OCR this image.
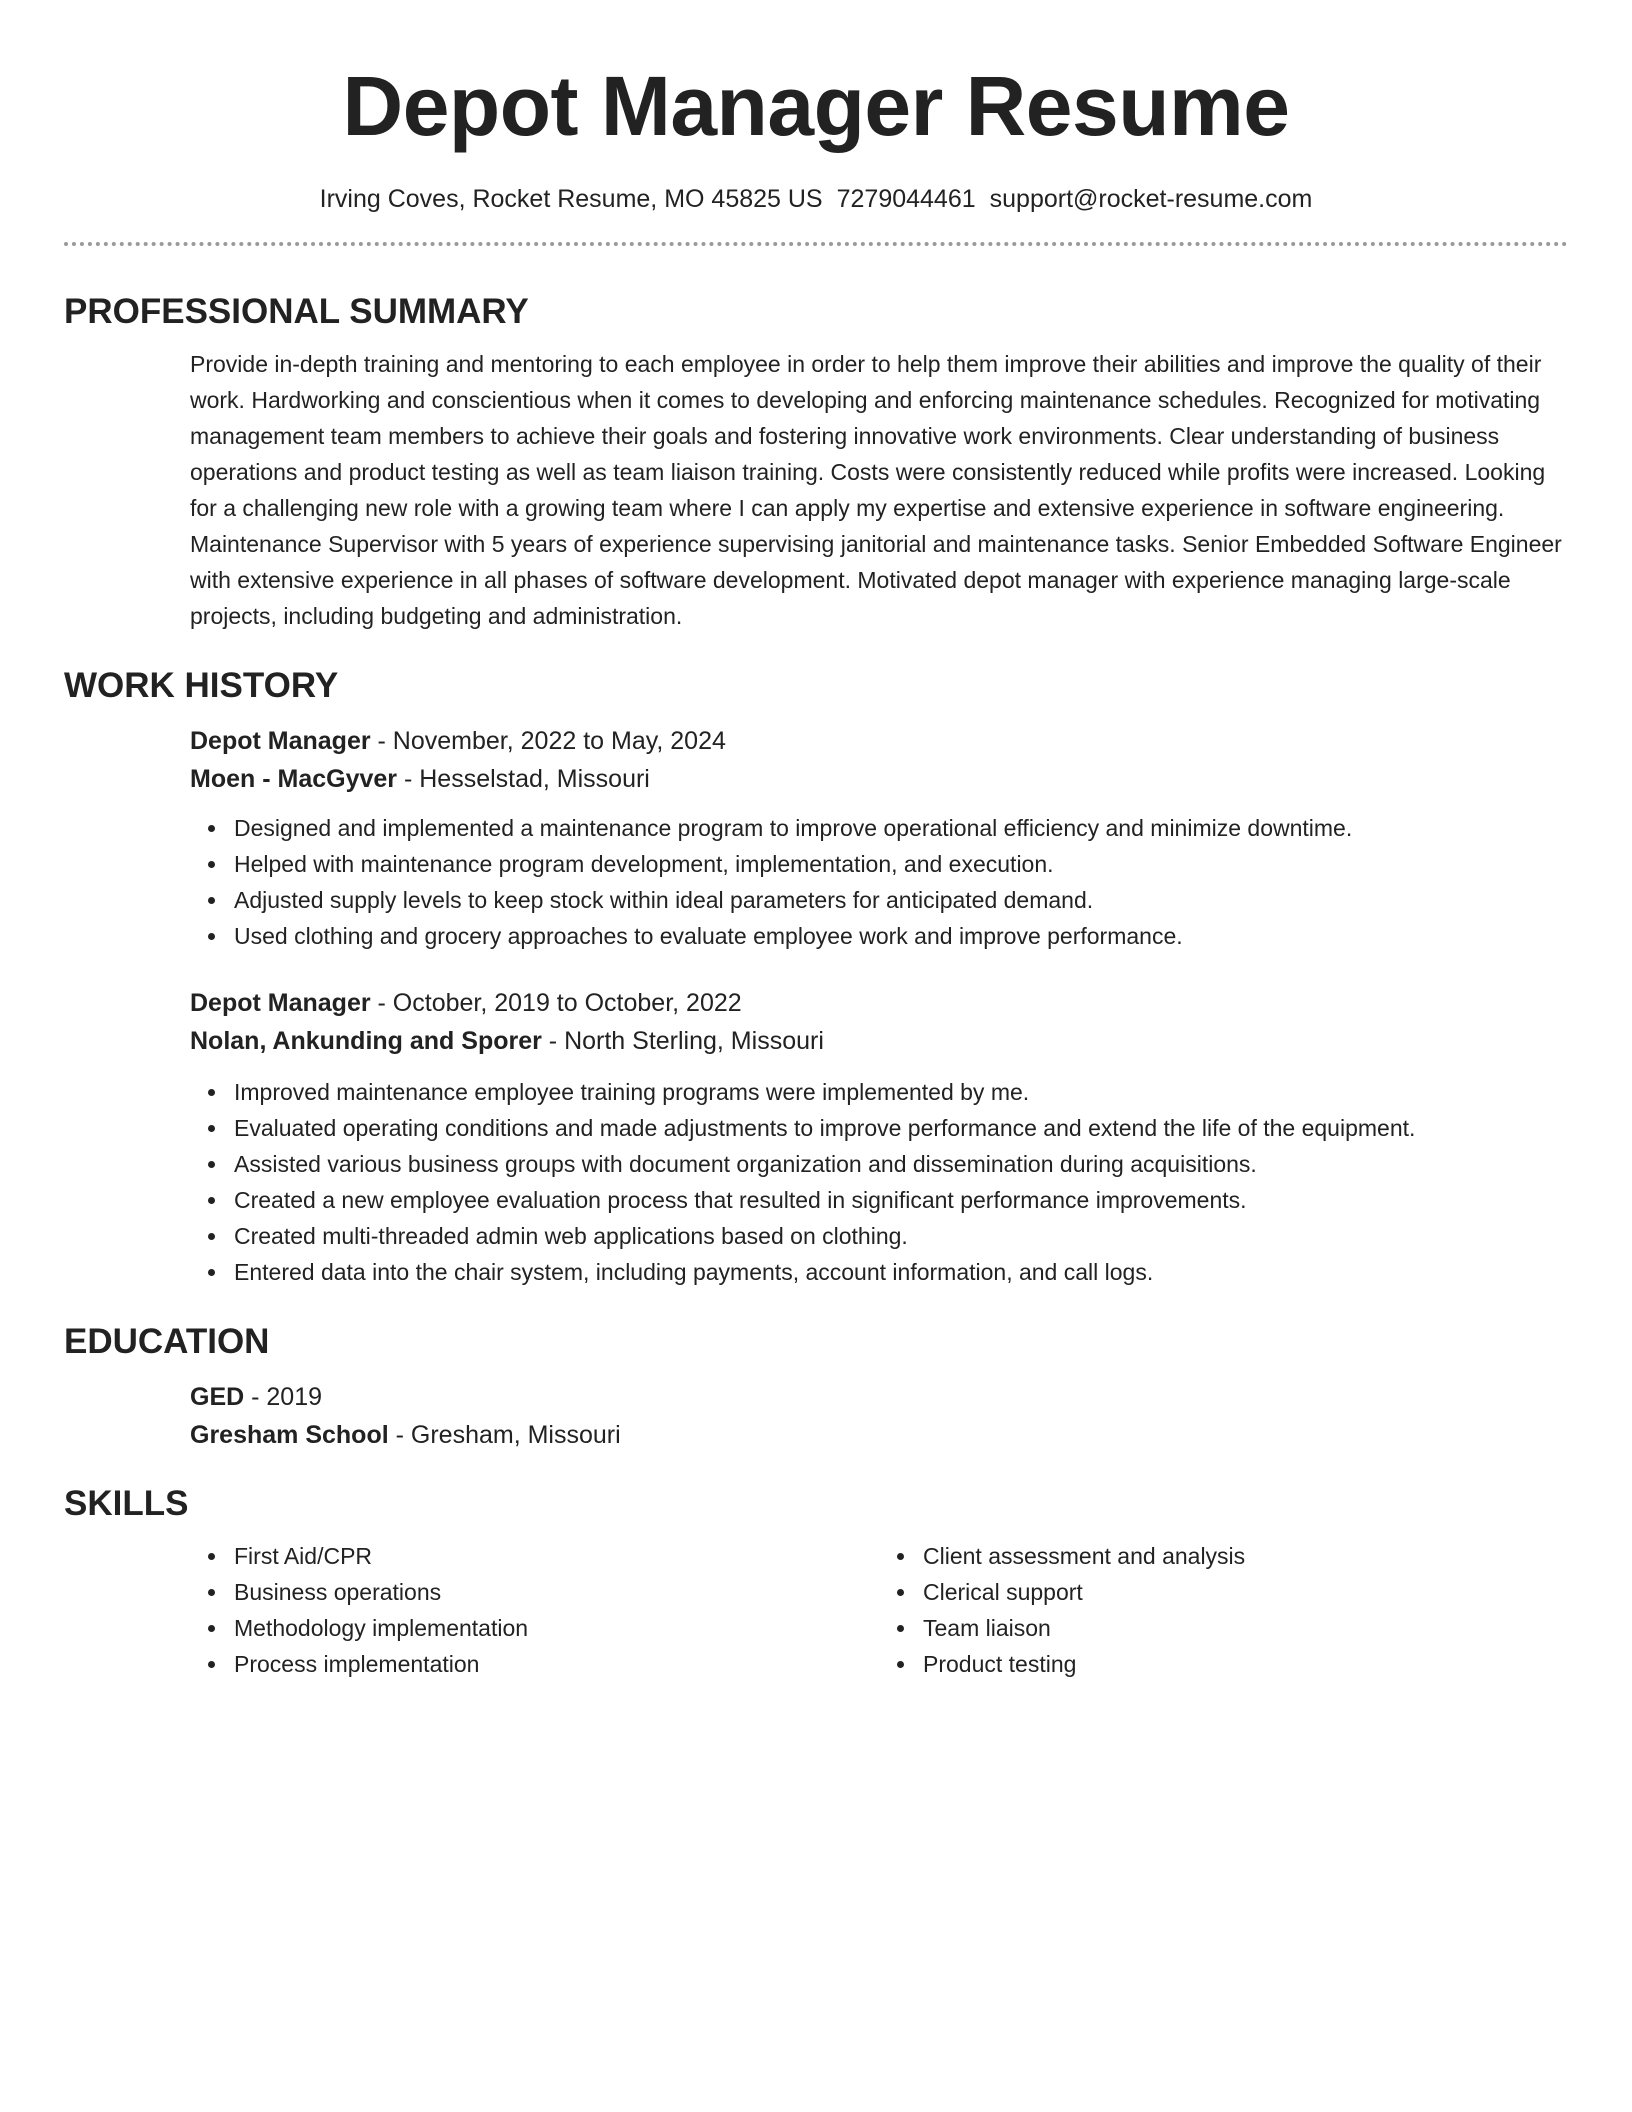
Depot Manager Resume
Irving Coves, Rocket Resume, MO 45825 US 7279044461 support@rocket-resume.com
PROFESSIONAL SUMMARY

Provide in-depth training and mentoring to each employee in order to help them improve their abilities and improve the quality of their work. Hardworking and conscientious when it comes to developing and enforcing maintenance schedules. Recognized for motivating management team members to achieve their goals and fostering innovative work environments. Clear understanding of business operations and product testing as well as team liaison training. Costs were consistently reduced while profits were increased. Looking for a challenging new role with a growing team where I can apply my expertise and extensive experience in software engineering. Maintenance Supervisor with 5 years of experience supervising janitorial and maintenance tasks. Senior Embedded Software Engineer with extensive experience in all phases of software development. Motivated depot manager with experience managing large-scale projects, including budgeting and administration.

WORK HISTORY

Depot Manager - November, 2022 to May, 2024

Moen - MacGyver - Hesselstad, Missouri

Designed and implemented a maintenance program to improve operational efficiency and minimize downtime.
Helped with maintenance program development, implementation, and execution.
Adjusted supply levels to keep stock within ideal parameters for anticipated demand.
Used clothing and grocery approaches to evaluate employee work and improve performance.

Depot Manager - October, 2019 to October, 2022

Nolan, Ankunding and Sporer - North Sterling, Missouri

Improved maintenance employee training programs were implemented by me.
Evaluated operating conditions and made adjustments to improve performance and extend the life of the equipment.
Assisted various business groups with document organization and dissemination during acquisitions.
Created a new employee evaluation process that resulted in significant performance improvements.
Created multi-threaded admin web applications based on clothing.
Entered data into the chair system, including payments, account information, and call logs.
EDUCATION

GED - 2019

Gresham School - Gresham, Missouri

SKILLS
First Aid/CPR
Business operations
Methodology implementation
Process implementation
Client assessment and analysis
Clerical support
Team liaison
Product testing
